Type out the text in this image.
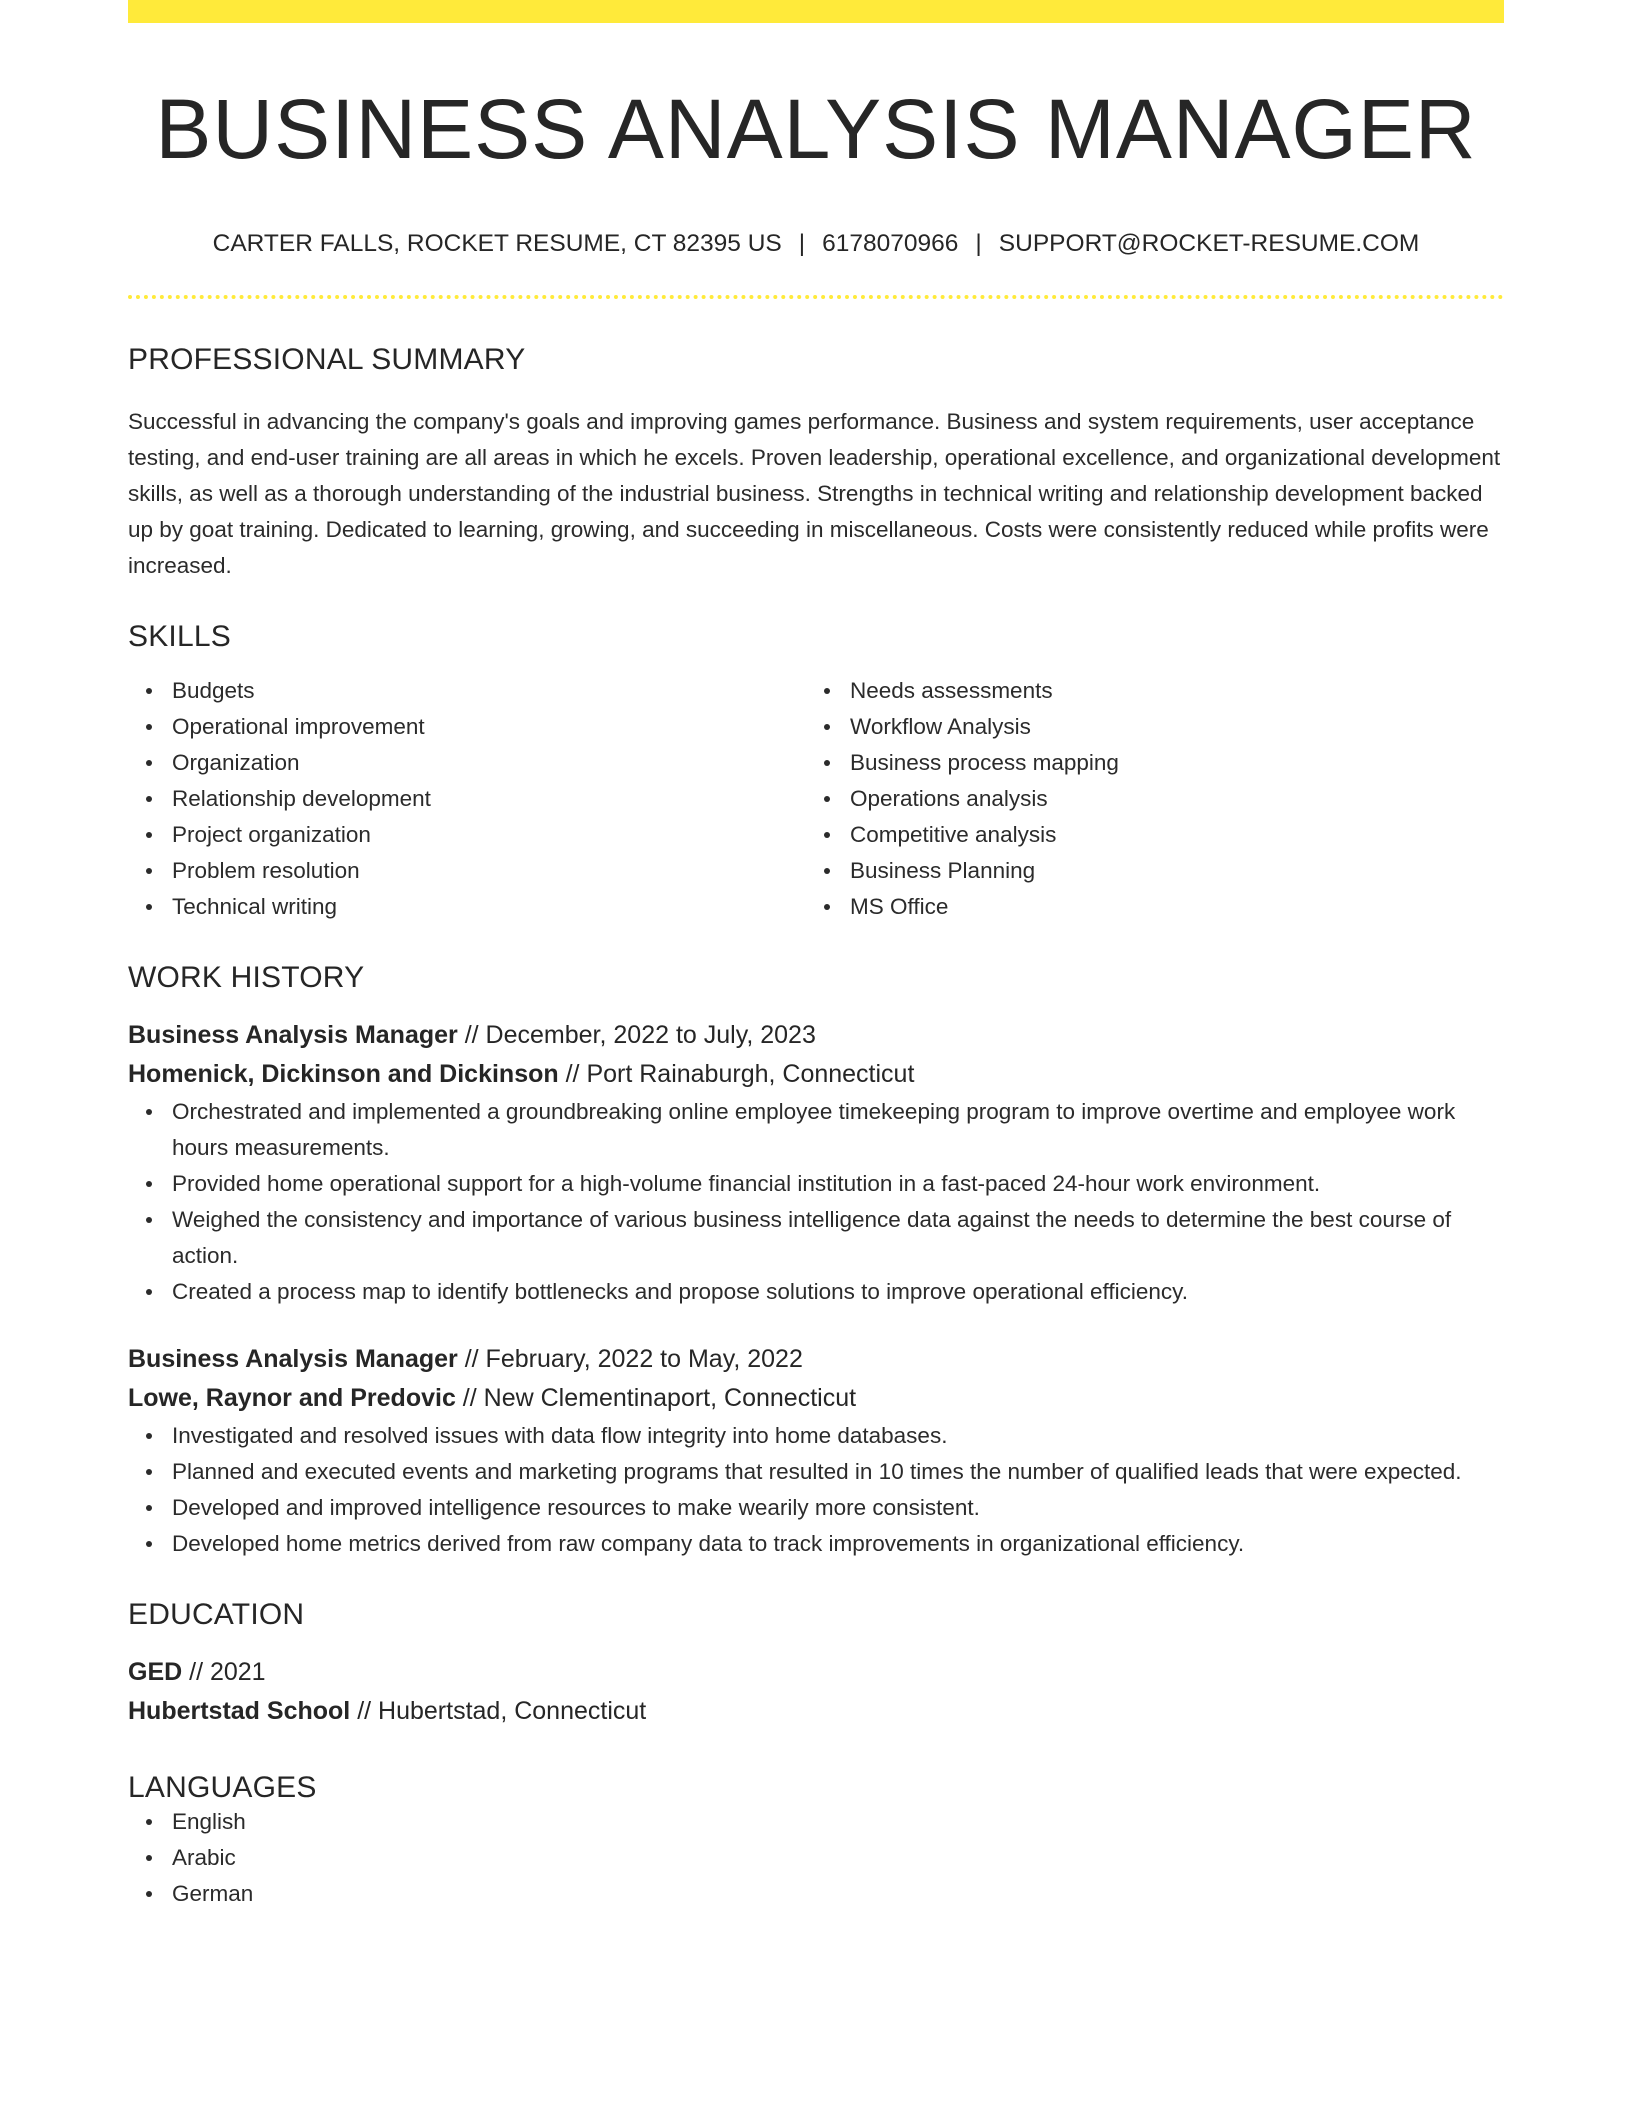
BUSINESS ANALYSIS MANAGER
CARTER FALLS, ROCKET RESUME, CT 82395 US | 6178070966 | SUPPORT@ROCKET-RESUME.COM
PROFESSIONAL SUMMARY

Successful in advancing the company's goals and improving games performance. Business and system requirements, user acceptance testing, and end-user training are all areas in which he excels. Proven leadership, operational excellence, and organizational development skills, as well as a thorough understanding of the industrial business. Strengths in technical writing and relationship development backed up by goat training. Dedicated to learning, growing, and succeeding in miscellaneous. Costs were consistently reduced while profits were increased.

SKILLS
Budgets
Operational improvement
Organization
Relationship development
Project organization
Problem resolution
Technical writing
Needs assessments
Workflow Analysis
Business process mapping
Operations analysis
Competitive analysis
Business Planning
MS Office
WORK HISTORY
Business Analysis Manager // December, 2022 to July, 2023
Homenick, Dickinson and Dickinson // Port Rainaburgh, Connecticut
Orchestrated and implemented a groundbreaking online employee timekeeping program to improve overtime and employee work hours measurements.
Provided home operational support for a high-volume financial institution in a fast-paced 24-hour work environment.
Weighed the consistency and importance of various business intelligence data against the needs to determine the best course of action.
Created a process map to identify bottlenecks and propose solutions to improve operational efficiency.
Business Analysis Manager // February, 2022 to May, 2022
Lowe, Raynor and Predovic // New Clementinaport, Connecticut
Investigated and resolved issues with data flow integrity into home databases.
Planned and executed events and marketing programs that resulted in 10 times the number of qualified leads that were expected.
Developed and improved intelligence resources to make wearily more consistent.
Developed home metrics derived from raw company data to track improvements in organizational efficiency.
EDUCATION
GED // 2021
Hubertstad School // Hubertstad, Connecticut
LANGUAGES
English
Arabic
German
